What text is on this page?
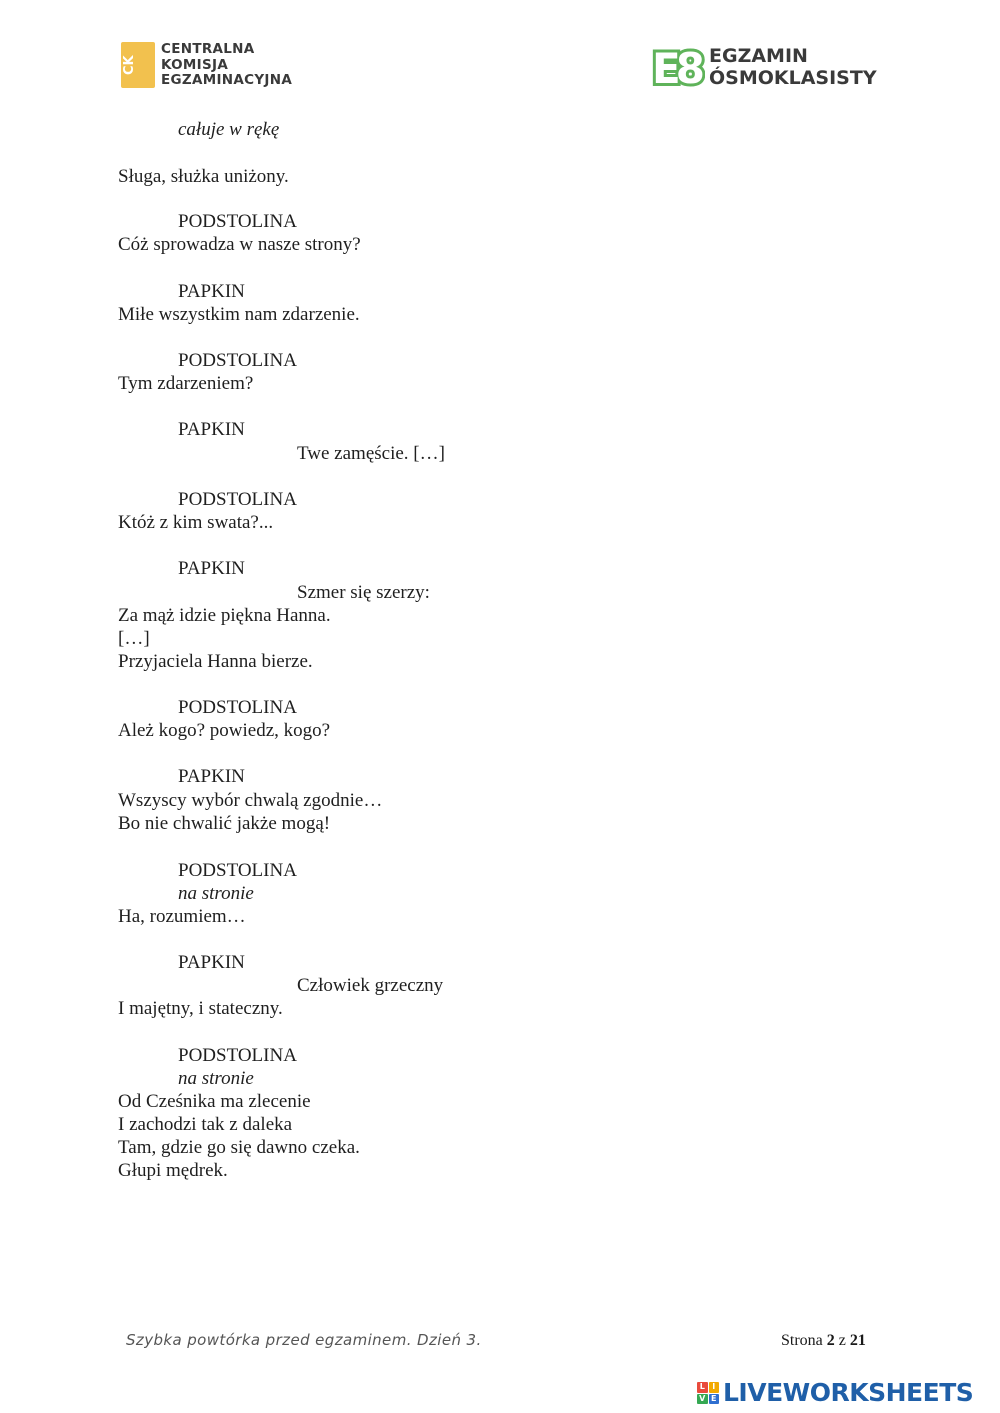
CK
CENTRALNA
KOMISJA
EGZAMINACYJNA	E8 EGZAMIN
ÓSMOKLASISTY
całuje w rękę
Sługa, służka uniżony.
PODSTOLINA
Cóż sprowadza w nasze strony?
PAPKIN
Miłe wszystkim nam zdarzenie.
PODSTOLINA
Tym zdarzeniem?
PAPKIN
Twe zamęście. […]
PODSTOLINA
Któż z kim swata?...
PAPKIN
Szmer się szerzy:
Za mąż idzie piękna Hanna.
[…]
Przyjaciela Hanna bierze.
PODSTOLINA
Ależ kogo? powiedz, kogo?
PAPKIN
Wszyscy wybór chwalą zgodnie…
Bo nie chwalić jakże mogą!
PODSTOLINA
na stronie
Ha, rozumiem…
PAPKIN
Człowiek grzeczny
I majętny, i stateczny.
PODSTOLINA
na stronie
Od Cześnika ma zlecenie
I zachodzi tak z daleka
Tam, gdzie go się dawno czeka.
Głupi mędrek.
Szybka powtórka przed egzaminem. Dzień 3.	Strona 2 z 21
L I
V E LIVEWORKSHEETS
